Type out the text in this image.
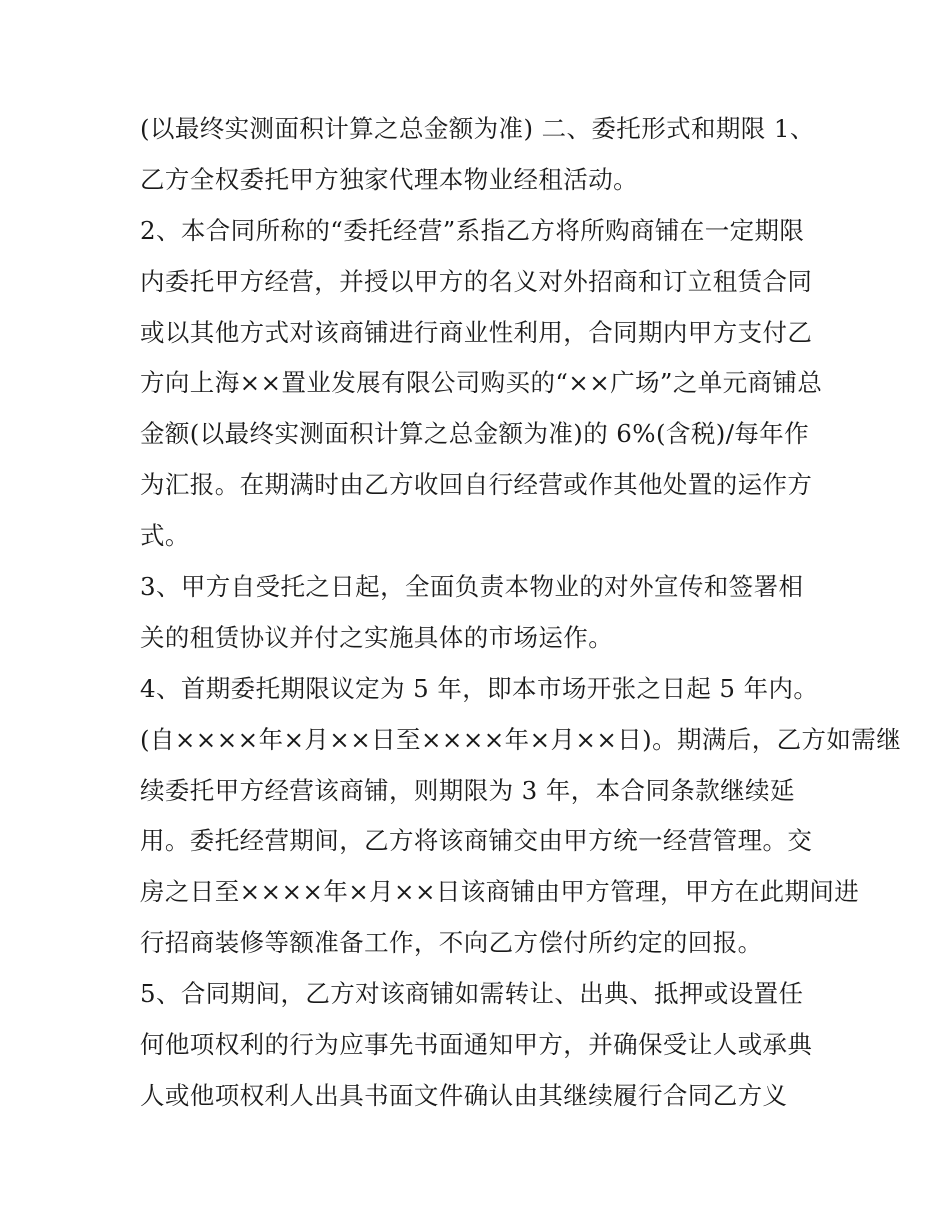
(以最终实测面积计算之总金额为准) 二、委托形式和期限 1、
乙方全权委托甲方独家代理本物业经租活动。
2、本合同所称的“委托经营”系指乙方将所购商铺在一定期限
内委托甲方经营，并授以甲方的名义对外招商和订立租赁合同
或以其他方式对该商铺进行商业性利用，合同期内甲方支付乙
方向上海××置业发展有限公司购买的“××广场”之单元商铺总
金额(以最终实测面积计算之总金额为准)的 6%(含税)/每年作
为汇报。在期满时由乙方收回自行经营或作其他处置的运作方
式。
3、甲方自受托之日起，全面负责本物业的对外宣传和签署相
关的租赁协议并付之实施具体的市场运作。
4、首期委托期限议定为 5 年，即本市场开张之日起 5 年内。
(自××××年×月××日至××××年×月××日)。期满后，乙方如需继
续委托甲方经营该商铺，则期限为 3 年，本合同条款继续延
用。委托经营期间，乙方将该商铺交由甲方统一经营管理。交
房之日至××××年×月××日该商铺由甲方管理，甲方在此期间进
行招商装修等额准备工作，不向乙方偿付所约定的回报。
5、合同期间，乙方对该商铺如需转让、出典、抵押或设置任
何他项权利的行为应事先书面通知甲方，并确保受让人或承典
人或他项权利人出具书面文件确认由其继续履行合同乙方义
